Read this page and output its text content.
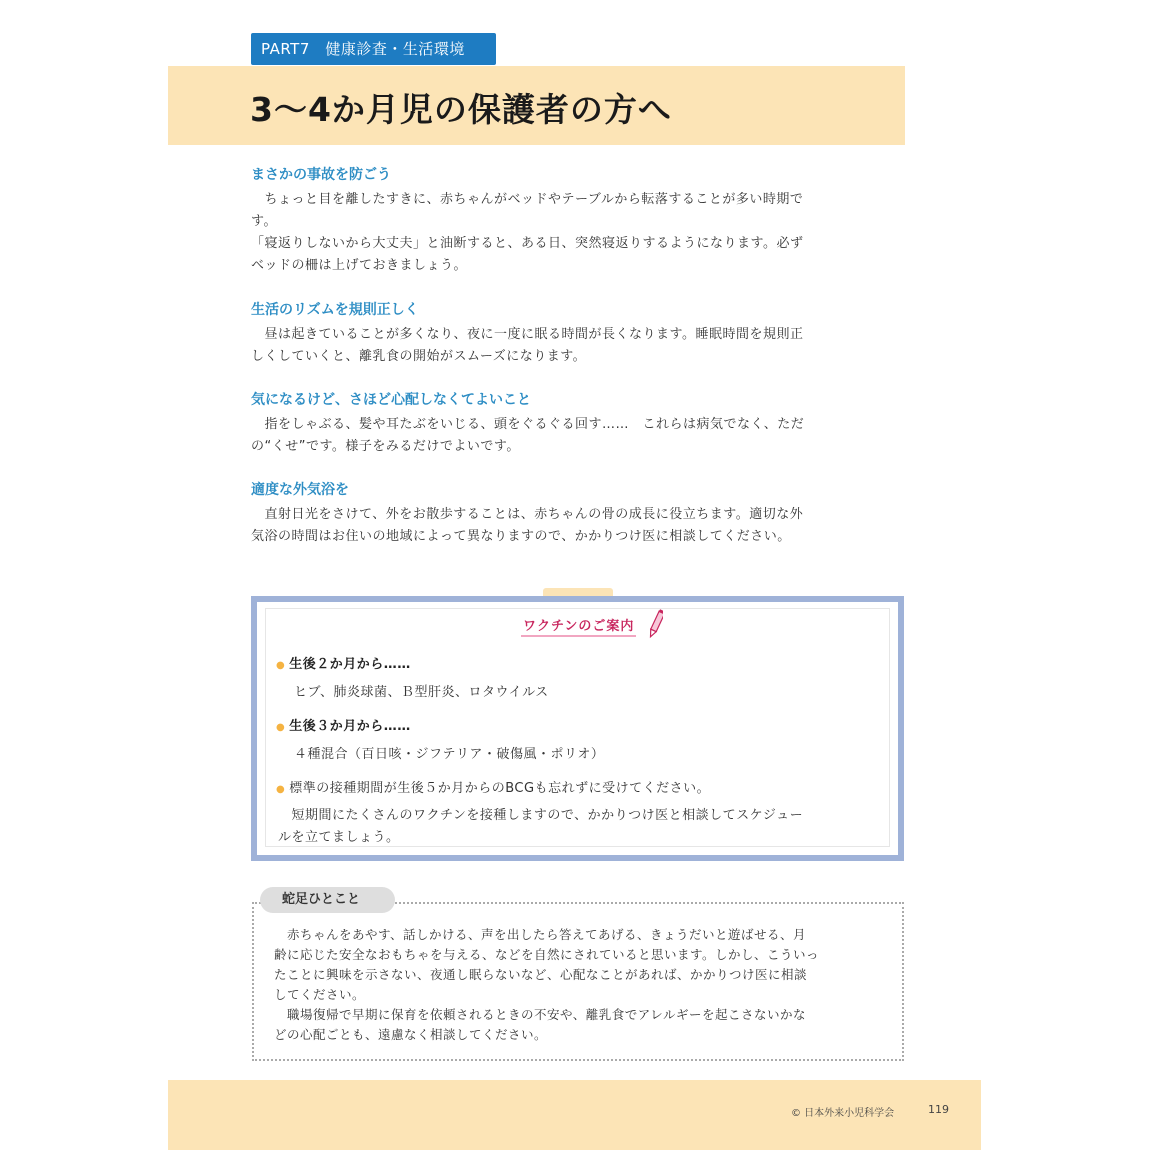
PART7　健康診査・生活環境
3〜4か月児の保護者の方へ

まさかの事故を防ごう

　ちょっと目を離したすきに、赤ちゃんがベッドやテーブルから転落することが多い時期で
す。
「寝返りしないから大丈夫」と油断すると、ある日、突然寝返りするようになります。必ず
ベッドの柵は上げておきましょう。

生活のリズムを規則正しく

　昼は起きていることが多くなり、夜に一度に眠る時間が長くなります。睡眠時間を規則正
しくしていくと、離乳食の開始がスムーズになります。

気になるけど、さほど心配しなくてよいこと

　指をしゃぶる、髪や耳たぶをいじる、頭をぐるぐる回す……　これらは病気でなく、ただ
の“くせ”です。様子をみるだけでよいです。

適度な外気浴を

　直射日光をさけて、外をお散歩することは、赤ちゃんの骨の成長に役立ちます。適切な外
気浴の時間はお住いの地域によって異なりますので、かかりつけ医に相談してください。

ワクチンのご案内
● 生後２か月から……
ヒブ、肺炎球菌、Ｂ型肝炎、ロタウイルス
● 生後３か月から……
４種混合（百日咳・ジフテリア・破傷風・ポリオ）
● 標準の接種期間が生後５か月からのBCGも忘れずに受けてください。
　短期間にたくさんのワクチンを接種しますので、かかりつけ医と相談してスケジュー
ルを立てましょう。
蛇足ひとこと
　赤ちゃんをあやす、話しかける、声を出したら答えてあげる、きょうだいと遊ばせる、月
齢に応じた安全なおもちゃを与える、などを自然にされていると思います。しかし、こういっ
たことに興味を示さない、夜通し眠らないなど、心配なことがあれば、かかりつけ医に相談
してください。
　職場復帰で早期に保育を依頼されるときの不安や、離乳食でアレルギーを起こさないかな
どの心配ごとも、遠慮なく相談してください。
© 日本外来小児科学会	119
